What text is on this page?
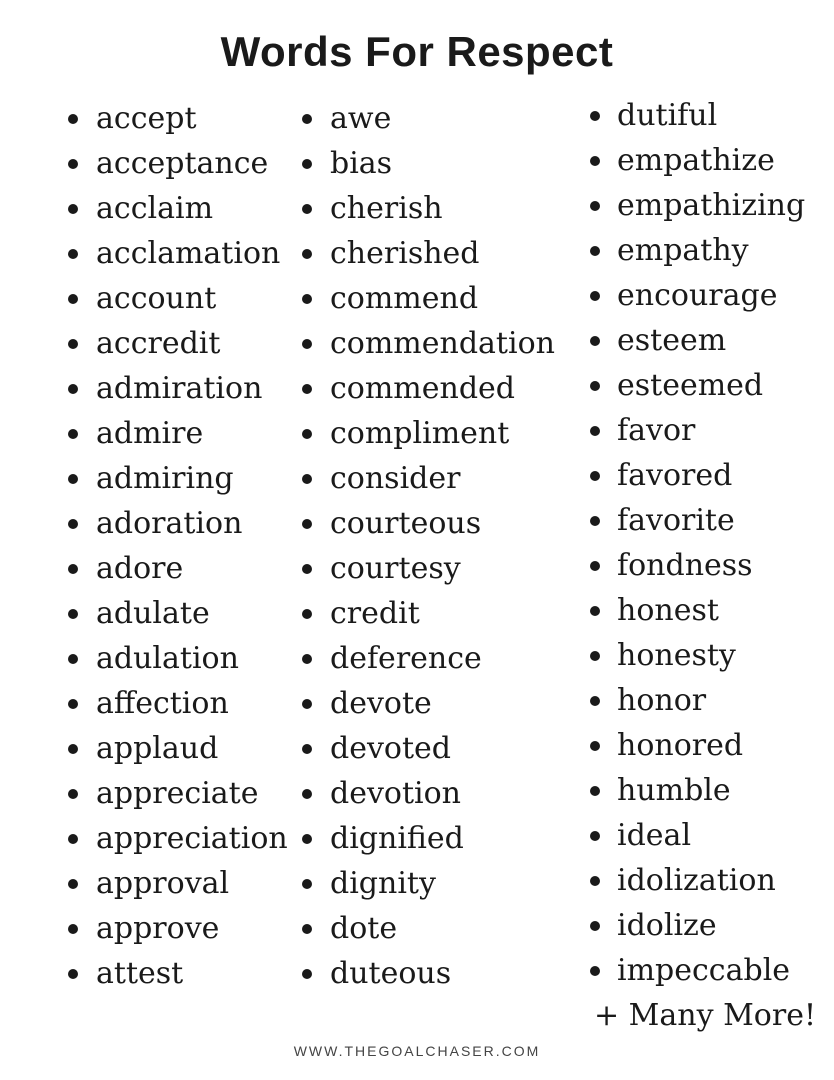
Words For Respect
accept
acceptance
acclaim
acclamation
account
accredit
admiration
admire
admiring
adoration
adore
adulate
adulation
affection
applaud
appreciate
appreciation
approval
approve
attest
awe
bias
cherish
cherished
commend
commendation
commended
compliment
consider
courteous
courtesy
credit
deference
devote
devoted
devotion
dignified
dignity
dote
duteous
dutiful
empathize
empathizing
empathy
encourage
esteem
esteemed
favor
favored
favorite
fondness
honest
honesty
honor
honored
humble
ideal
idolization
idolize
impeccable
+ Many More!
WWW.THEGOALCHASER.COM
